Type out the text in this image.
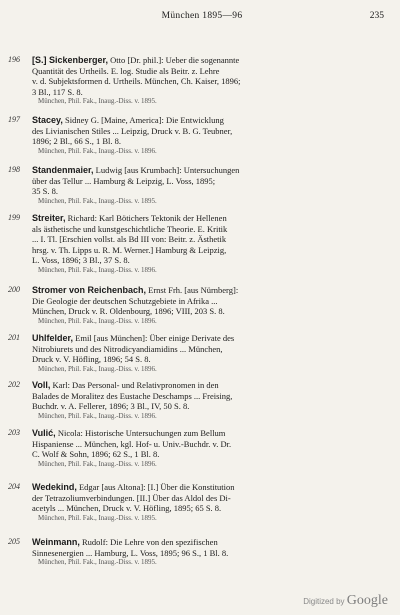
München 1895—96	235
196 [S.] Sickenberger, Otto [Dr. phil.]: Ueber die sogenannte
Quantität des Urtheils. E. log. Studie als Beitr. z. Lehre
v. d. Subjektsformen d. Urtheils. München, Ch. Kaiser, 1896;
3 Bl., 117 S. 8.
München, Phil. Fak., Inaug.-Diss. v. 1895.
197 Stacey, Sidney G. [Maine, America]: Die Entwicklung
des Livianischen Stiles ... Leipzig, Druck v. B. G. Teubner,
1896; 2 Bl., 66 S., 1 Bl. 8.
München, Phil. Fak., Inaug.-Diss. v. 1896.
198 Standenmaier, Ludwig [aus Krumbach]: Untersuchungen
über das Tellur ... Hamburg & Leipzig, L. Voss, 1895;
35 S. 8.
München, Phil. Fak., Inaug.-Diss. v. 1895.
199 Streiter, Richard: Karl Bötichers Tektonik der Hellenen
als ästhetische und kunstgeschichtliche Theorie. E. Kritik
... I. Tl. [Erschien vollst. als Bd III von: Beitr. z. Ästhetik
hrsg. v. Th. Lipps u. R. M. Werner.] Hamburg & Leipzig,
L. Voss, 1896; 3 Bl., 37 S. 8.
München, Phil. Fak., Inaug.-Diss. v. 1896.
200 Stromer von Reichenbach, Ernst Frh. [aus Nürnberg]:
Die Geologie der deutschen Schutzgebiete in Afrika ...
München, Druck v. R. Oldenbourg, 1896; VIII, 203 S. 8.
München, Phil. Fak., Inaug.-Diss. v. 1896.
201 Uhlfelder, Emil [aus München]: Über einige Derivate des
Nitrobiurets und des Nitrodicyandiamidins ... München,
Druck v. V. Höfling, 1896; 54 S. 8.
München, Phil. Fak., Inaug.-Diss. v. 1896.
202 Voll, Karl: Das Personal- und Relativpronomen in den
Balades de Moralitez des Eustache Deschamps ... Freising,
Buchdr. v. A. Fellerer, 1896; 3 Bl., IV, 50 S. 8.
München, Phil. Fak., Inaug.-Diss. v. 1896.
203 Vulić, Nicola: Historische Untersuchungen zum Bellum
Hispaniense ... München, kgl. Hof- u. Univ.-Buchdr. v. Dr.
C. Wolf & Sohn, 1896; 62 S., 1 Bl. 8.
München, Phil. Fak., Inaug.-Diss. v. 1896.
204 Wedekind, Edgar [aus Altona]: [I.] Über die Konstitution
der Tetrazoliumverbindungen. [II.] Über das Aldol des Di-
acetyls ... München, Druck v. V. Höfling, 1895; 65 S. 8.
München, Phil. Fak., Inaug.-Diss. v. 1895.
205 Weinmann, Rudolf: Die Lehre von den spezifischen
Sinnesenergien ... Hamburg, L. Voss, 1895; 96 S., 1 Bl. 8.
München, Phil. Fak., Inaug.-Diss. v. 1895.
Digitized by Google
